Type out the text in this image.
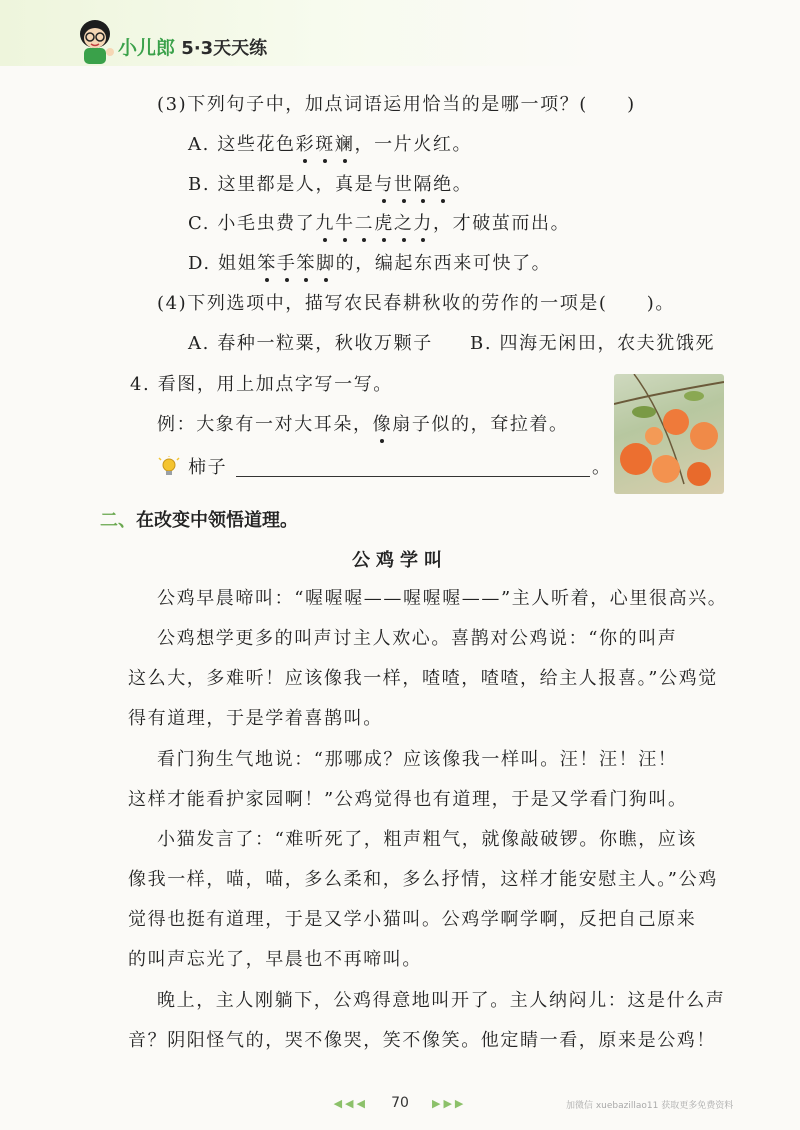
小儿郎 5·3天天练
(3)下列句子中，加点词语运用恰当的是哪一项？(　　)
A. 这些花色彩斑斓，一片火红。
B. 这里都是人，真是与世隔绝。
C. 小毛虫费了九牛二虎之力，才破茧而出。
D. 姐姐笨手笨脚的，编起东西来可快了。
(4)下列选项中，描写农民春耕秋收的劳作的一项是(　　)。
A. 春种一粒粟，秋收万颗子 B. 四海无闲田，农夫犹饿死
4. 看图，用上加点字写一写。
例：大象有一对大耳朵，像扇子似的，耷拉着。
柿子	。
二、在改变中领悟道理。
公鸡学叫
公鸡早晨啼叫：“喔喔喔——喔喔喔——”主人听着，心里很高兴。
公鸡想学更多的叫声讨主人欢心。喜鹊对公鸡说：“你的叫声
这么大，多难听！应该像我一样，喳喳，喳喳，给主人报喜。”公鸡觉
得有道理，于是学着喜鹊叫。
看门狗生气地说：“那哪成？应该像我一样叫。汪！汪！汪！
这样才能看护家园啊！”公鸡觉得也有道理，于是又学看门狗叫。
小猫发言了：“难听死了，粗声粗气，就像敲破锣。你瞧，应该
像我一样，喵，喵，多么柔和，多么抒情，这样才能安慰主人。”公鸡
觉得也挺有道理，于是又学小猫叫。公鸡学啊学啊，反把自己原来
的叫声忘光了，早晨也不再啼叫。
晚上，主人刚躺下，公鸡得意地叫开了。主人纳闷儿：这是什么声
音？阴阳怪气的，哭不像哭，笑不像笑。他定睛一看，原来是公鸡！
◀◀◀ 70 ▶▶▶	加微信 xuebazillao11 获取更多免费资料
